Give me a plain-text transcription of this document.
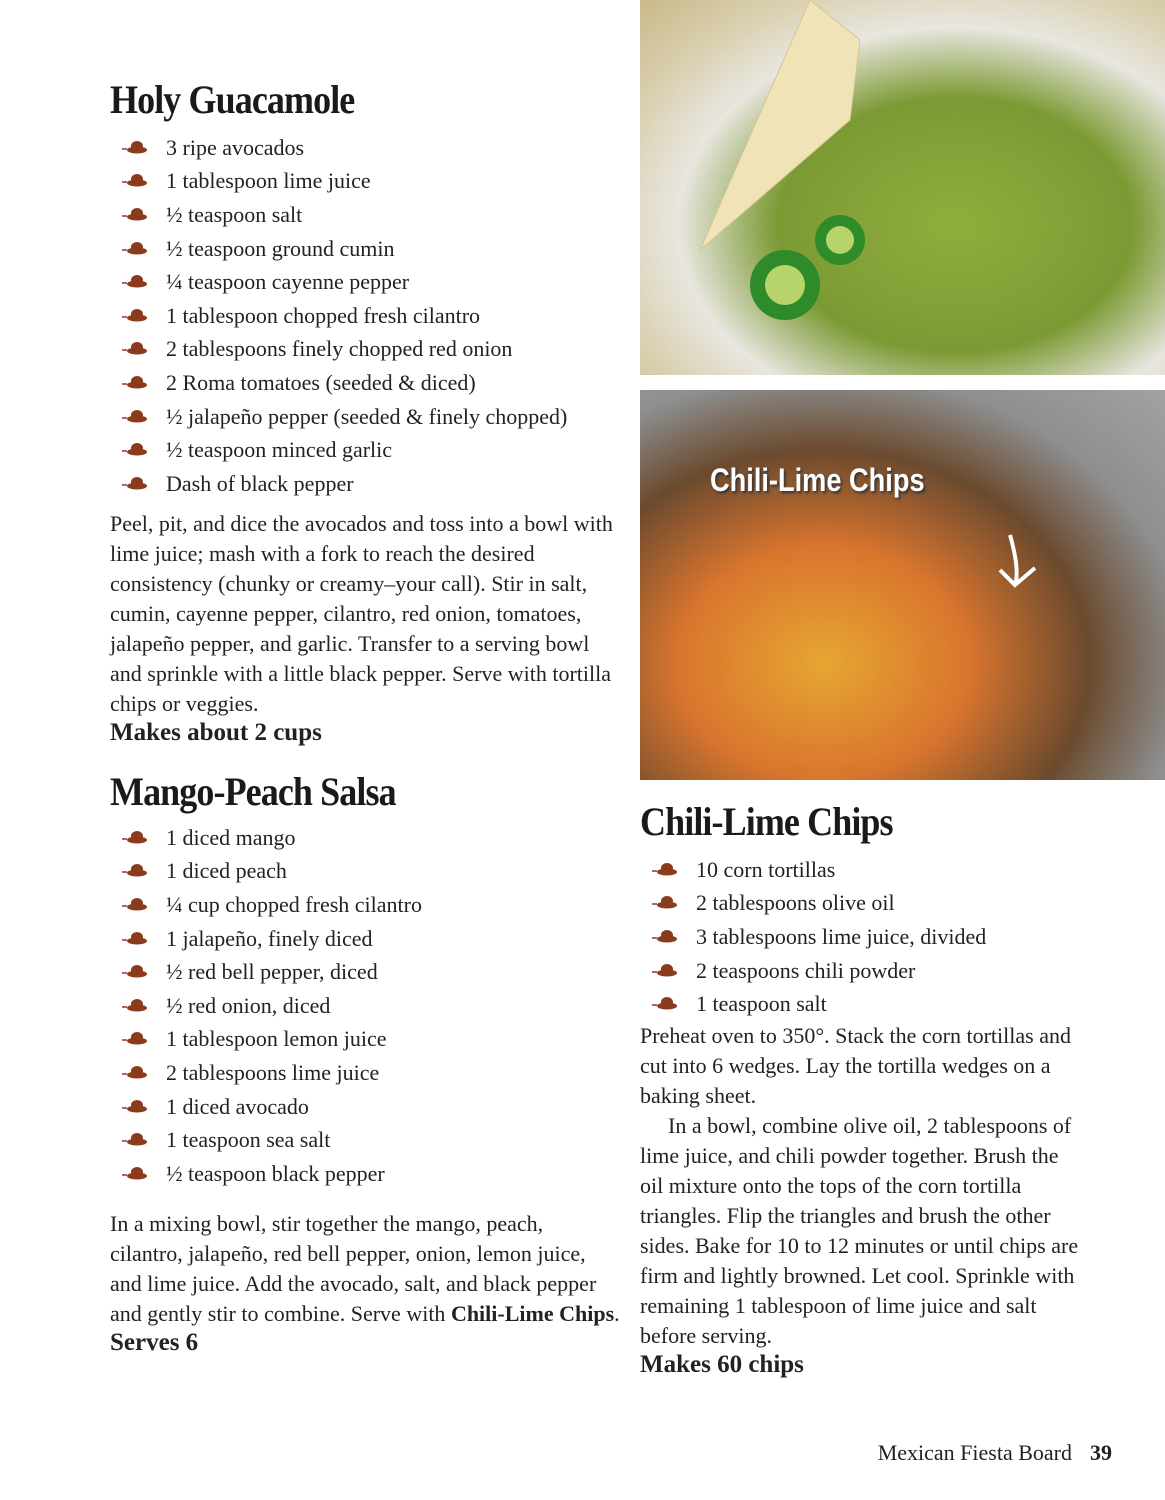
Chili-Lime Chips
Holy Guacamole
3 ripe avocados
1 tablespoon lime juice
½ teaspoon salt
½ teaspoon ground cumin
¼ teaspoon cayenne pepper
1 tablespoon chopped fresh cilantro
2 tablespoons finely chopped red onion
2 Roma tomatoes (seeded & diced)
½ jalapeño pepper (seeded & finely chopped)
½ teaspoon minced garlic
Dash of black pepper
Peel, pit, and dice the avocados and toss into a bowl with lime juice; mash with a fork to reach the desired consistency (chunky or creamy–your call). Stir in salt, cumin, cayenne pepper, cilantro, red onion, tomatoes, jalapeño pepper, and garlic. Transfer to a serving bowl and sprinkle with a little black pepper. Serve with tortilla chips or veggies.
Makes about 2 cups
Mango-Peach Salsa
1 diced mango
1 diced peach
¼ cup chopped fresh cilantro
1 jalapeño, finely diced
½ red bell pepper, diced
½ red onion, diced
1 tablespoon lemon juice
2 tablespoons lime juice
1 diced avocado
1 teaspoon sea salt
½ teaspoon black pepper
In a mixing bowl, stir together the mango, peach, cilantro, jalapeño, red bell pepper, onion, lemon juice, and lime juice. Add the avocado, salt, and black pepper and gently stir to combine. Serve with Chili-Lime Chips.
Serves 6
Chili-Lime Chips
10 corn tortillas
2 tablespoons olive oil
3 tablespoons lime juice, divided
2 teaspoons chili powder
1 teaspoon salt
Preheat oven to 350°. Stack the corn tortillas and cut into 6 wedges. Lay the tortilla wedges on a baking sheet.
In a bowl, combine olive oil, 2 tablespoons of lime juice, and chili powder together. Brush the oil mixture onto the tops of the corn tortilla triangles. Flip the triangles and brush the other sides. Bake for 10 to 12 minutes or until chips are firm and lightly browned. Let cool. Sprinkle with remaining 1 tablespoon of lime juice and salt before serving.
Makes 60 chips
Mexican Fiesta Board 39
